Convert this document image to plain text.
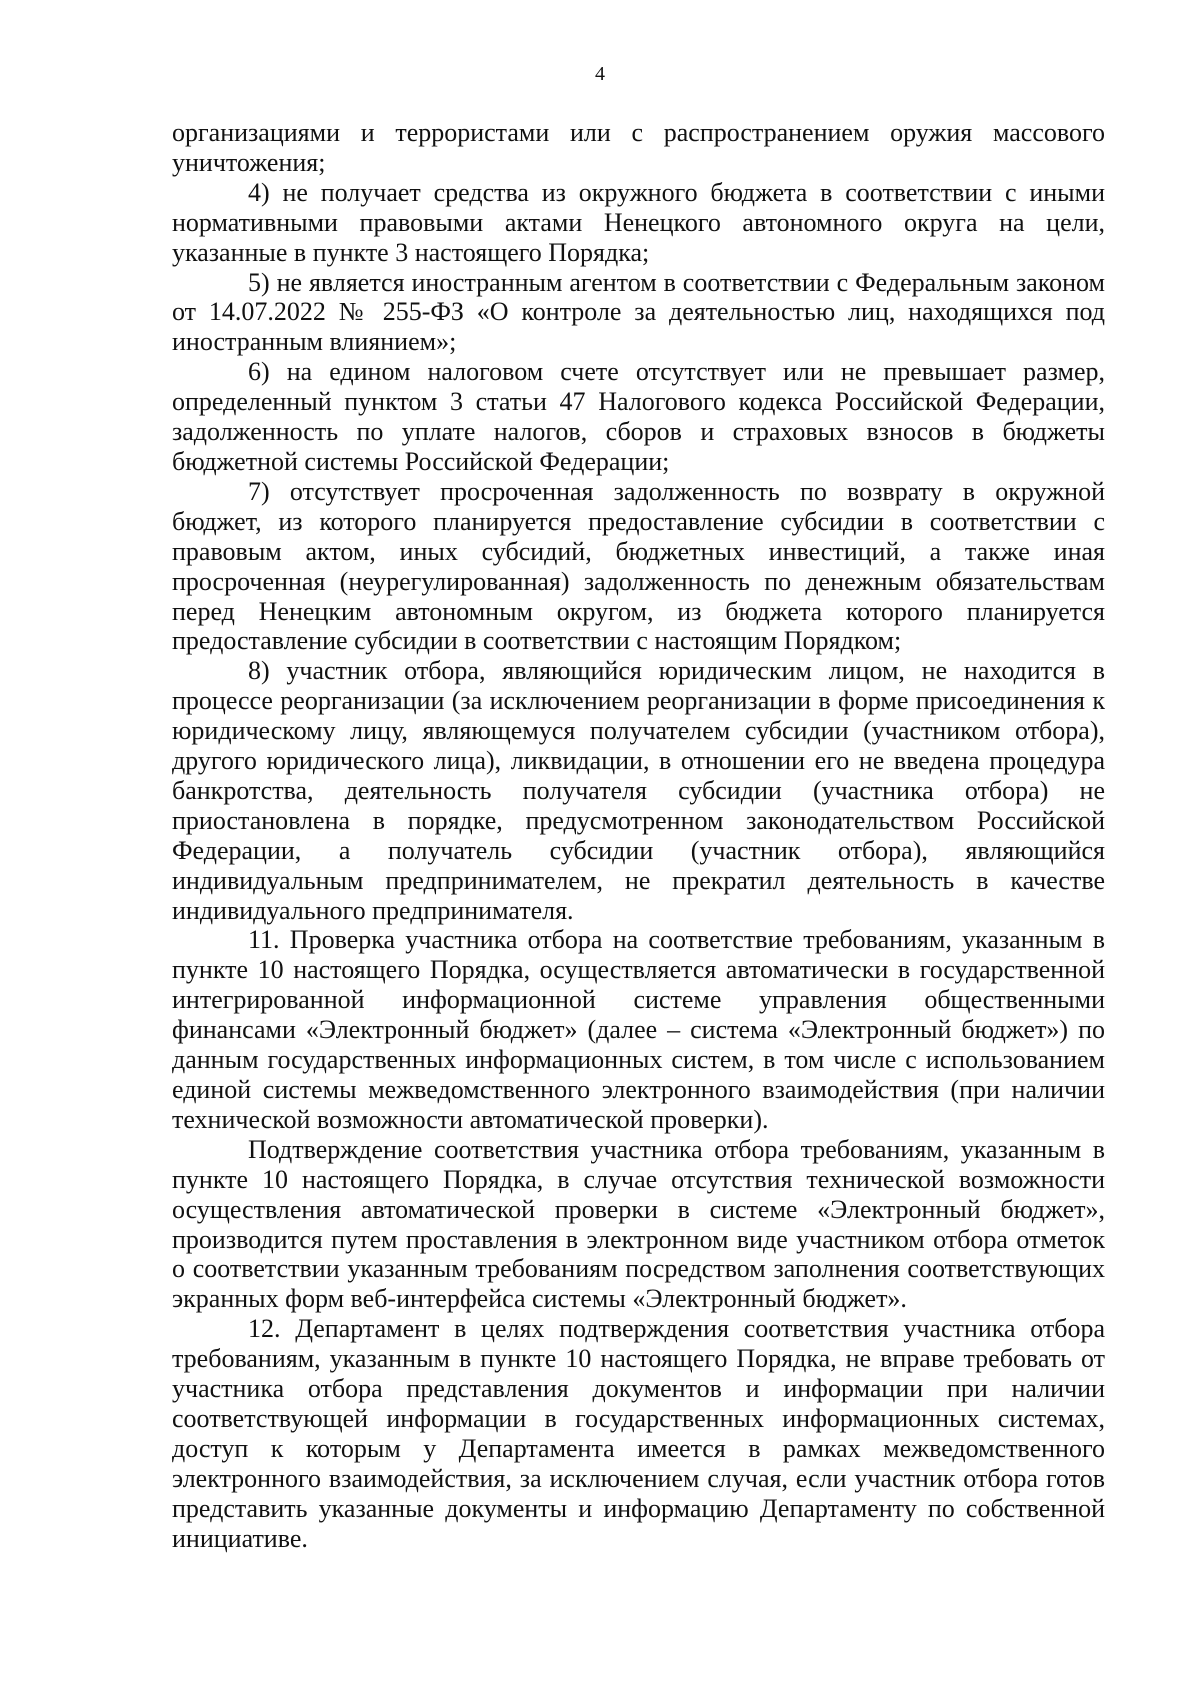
4

организациями и террористами или с распространением оружия массового уничтожения;

4) не получает средства из окружного бюджета в соответствии с иными нормативными правовыми актами Ненецкого автономного округа на цели, указанные в пункте 3 настоящего Порядка;

5) не является иностранным агентом в соответствии с Федеральным законом от 14.07.2022 № 255-ФЗ «О контроле за деятельностью лиц, находящихся под иностранным влиянием»;

6) на едином налоговом счете отсутствует или не превышает размер, определенный пунктом 3 статьи 47 Налогового кодекса Российской Федерации, задолженность по уплате налогов, сборов и страховых взносов в бюджеты бюджетной системы Российской Федерации;

7) отсутствует просроченная задолженность по возврату в окружной бюджет, из которого планируется предоставление субсидии в соответствии с правовым актом, иных субсидий, бюджетных инвестиций, а также иная просроченная (неурегулированная) задолженность по денежным обязательствам перед Ненецким автономным округом, из бюджета которого планируется предоставление субсидии в соответствии с настоящим Порядком;

8) участник отбора, являющийся юридическим лицом, не находится в процессе реорганизации (за исключением реорганизации в форме присоединения к юридическому лицу, являющемуся получателем субсидии (участником отбора), другого юридического лица), ликвидации, в отношении его не введена процедура банкротства, деятельность получателя субсидии (участника отбора) не приостановлена в порядке, предусмотренном законодательством Российской Федерации, а получатель субсидии (участник отбора), являющийся индивидуальным предпринимателем, не прекратил деятельность в качестве индивидуального предпринимателя.

11. Проверка участника отбора на соответствие требованиям, указанным в пункте 10 настоящего Порядка, осуществляется автоматически в государственной интегрированной информационной системе управления общественными финансами «Электронный бюджет» (далее – система «Электронный бюджет») по данным государственных информационных систем, в том числе с использованием единой системы межведомственного электронного взаимодействия (при наличии технической возможности автоматической проверки).

Подтверждение соответствия участника отбора требованиям, указанным в пункте 10 настоящего Порядка, в случае отсутствия технической возможности осуществления автоматической проверки в системе «Электронный бюджет», производится путем проставления в электронном виде участником отбора отметок о соответствии указанным требованиям посредством заполнения соответствующих экранных форм веб-интерфейса системы «Электронный бюджет».

12. Департамент в целях подтверждения соответствия участника отбора требованиям, указанным в пункте 10 настоящего Порядка, не вправе требовать от участника отбора представления документов и информации при наличии соответствующей информации в государственных информационных системах, доступ к которым у Департамента имеется в рамках межведомственного электронного взаимодействия, за исключением случая, если участник отбора готов представить указанные документы и информацию Департаменту по собственной инициативе.
